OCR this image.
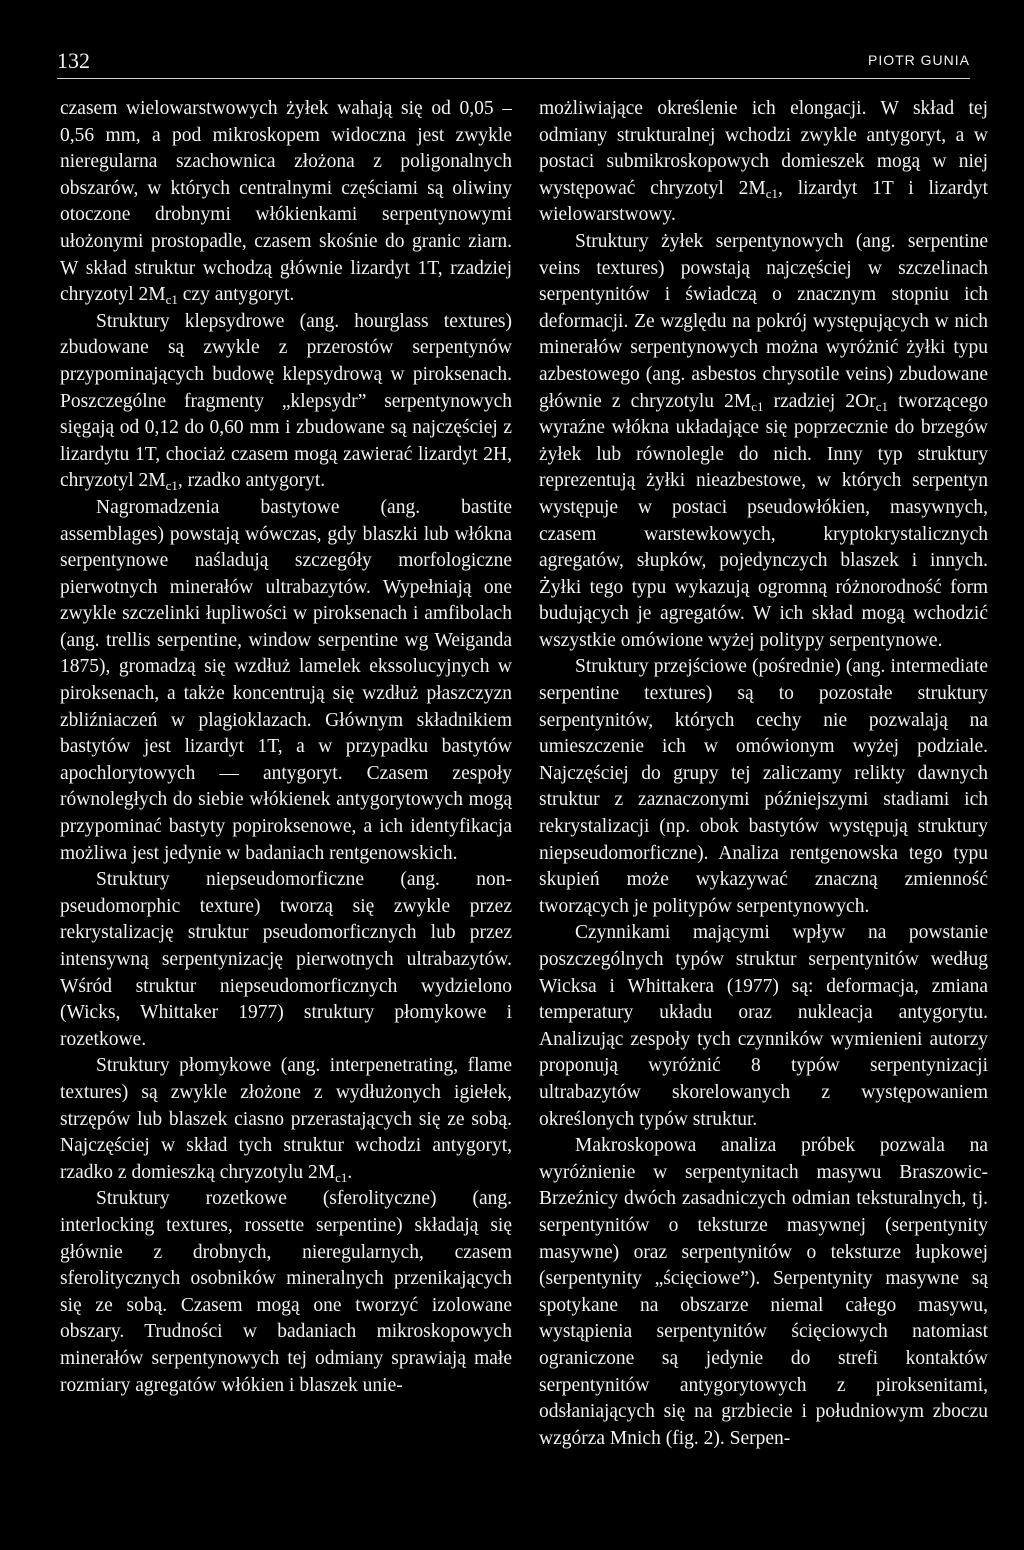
132	PIOTR GUNIA

czasem wielowarstwowych żyłek wahają się od 0,05 – 0,56 mm, a pod mikroskopem widoczna jest zwykle nieregularna szachownica złożona z poligonalnych obszarów, w których centralnymi częściami są oliwiny otoczone drobnymi włókienkami serpentynowymi ułożonymi prostopadle, czasem skośnie do granic ziarn. W skład struktur wchodzą głównie lizardyt 1T, rzadziej chryzotyl $2M_{c1}$ czy antygoryt.

Struktury klepsydrowe (ang. hourglass textures) zbudowane są zwykle z przerostów serpentynów przypominających budowę klepsydrową w piroksenach. Poszczególne fragmenty „klepsydr” serpentynowych sięgają od 0,12 do 0,60 mm i zbudowane są najczęściej z lizardytu 1T, chociaż czasem mogą zawierać lizardyt 2H, chryzotyl $2M_{c1}$, rzadko antygoryt.

Nagromadzenia bastytowe (ang. bastite assemblages) powstają wówczas, gdy blaszki lub włókna serpentynowe naśladują szczegóły morfologiczne pierwotnych minerałów ultrabazytów. Wypełniają one zwykle szczelinki łupliwości w piroksenach i amfibolach (ang. trellis serpentine, window serpentine wg Weiganda 1875), gromadzą się wzdłuż lamelek ekssolucyjnych w piroksenach, a także koncentrują się wzdłuż płaszczyzn zbliźniaczeń w plagioklazach. Głównym składnikiem bastytów jest lizardyt 1T, a w przypadku bastytów apochlorytowych — antygoryt. Czasem zespoły równoległych do siebie włókienek antygorytowych mogą przypominać bastyty popiroksenowe, a ich identyfikacja możliwa jest jedynie w badaniach rentgenowskich.

Struktury niepseudomorficzne (ang. non-pseudomorphic texture) tworzą się zwykle przez rekrystalizację struktur pseudomorficznych lub przez intensywną serpentynizację pierwotnych ultrabazytów. Wśród struktur niepseudomorficznych wydzielono (Wicks, Whittaker 1977) struktury płomykowe i rozetkowe.

Struktury płomykowe (ang. interpenetrating, flame textures) są zwykle złożone z wydłużonych igiełek, strzępów lub blaszek ciasno przerastających się ze sobą. Najczęściej w skład tych struktur wchodzi antygoryt, rzadko z domieszką chryzotylu $2M_{c1}$.

Struktury rozetkowe (sferolityczne) (ang. interlocking textures, rossette serpentine) składają się głównie z drobnych, nieregularnych, czasem sferolitycznych osobników mineralnych przenikających się ze sobą. Czasem mogą one tworzyć izolowane obszary. Trudności w badaniach mikroskopowych minerałów serpentynowych tej odmiany sprawiają małe rozmiary agregatów włókien i blaszek unie-

możliwiające określenie ich elongacji. W skład tej odmiany strukturalnej wchodzi zwykle antygoryt, a w postaci submikroskopowych domieszek mogą w niej występować chryzotyl $2M_{c1}$, lizardyt 1T i lizardyt wielowarstwowy.

Struktury żyłek serpentynowych (ang. serpentine veins textures) powstają najczęściej w szczelinach serpentynitów i świadczą o znacznym stopniu ich deformacji. Ze względu na pokrój występujących w nich minerałów serpentynowych można wyróżnić żyłki typu azbestowego (ang. asbestos chrysotile veins) zbudowane głównie z chryzotylu $2M_{c1}$ rzadziej $2Or_{c1}$ tworzącego wyraźne włókna układające się poprzecznie do brzegów żyłek lub równolegle do nich. Inny typ struktury reprezentują żyłki nieazbestowe, w których serpentyn występuje w postaci pseudowłókien, masywnych, czasem warstewkowych, kryptokrystalicznych agregatów, słupków, pojedynczych blaszek i innych. Żyłki tego typu wykazują ogromną różnorodność form budujących je agregatów. W ich skład mogą wchodzić wszystkie omówione wyżej politypy serpentynowe.

Struktury przejściowe (pośrednie) (ang. intermediate serpentine textures) są to pozostałe struktury serpentynitów, których cechy nie pozwalają na umieszczenie ich w omówionym wyżej podziale. Najczęściej do grupy tej zaliczamy relikty dawnych struktur z zaznaczonymi późniejszymi stadiami ich rekrystalizacji (np. obok bastytów występują struktury niepseudomorficzne). Analiza rentgenowska tego typu skupień może wykazywać znaczną zmienność tworzących je politypów serpentynowych.

Czynnikami mającymi wpływ na powstanie poszczególnych typów struktur serpentynitów według Wicksa i Whittakera (1977) są: deformacja, zmiana temperatury układu oraz nukleacja antygorytu. Analizując zespoły tych czynników wymienieni autorzy proponują wyróżnić 8 typów serpentynizacji ultrabazytów skorelowanych z występowaniem określonych typów struktur.

Makroskopowa analiza próbek pozwala na wyróżnienie w serpentynitach masywu Braszowic-Brzeźnicy dwóch zasadniczych odmian teksturalnych, tj. serpentynitów o teksturze masywnej (serpentynity masywne) oraz serpentynitów o teksturze łupkowej (serpentynity „ścięciowe”). Serpentynity masywne są spotykane na obszarze niemal całego masywu, wystąpienia serpentynitów ścięciowych natomiast ograniczone są jedynie do strefi kontaktów serpentynitów antygorytowych z piroksenitami, odsłaniających się na grzbiecie i południowym zboczu wzgórza Mnich (fig. 2). Serpen-
